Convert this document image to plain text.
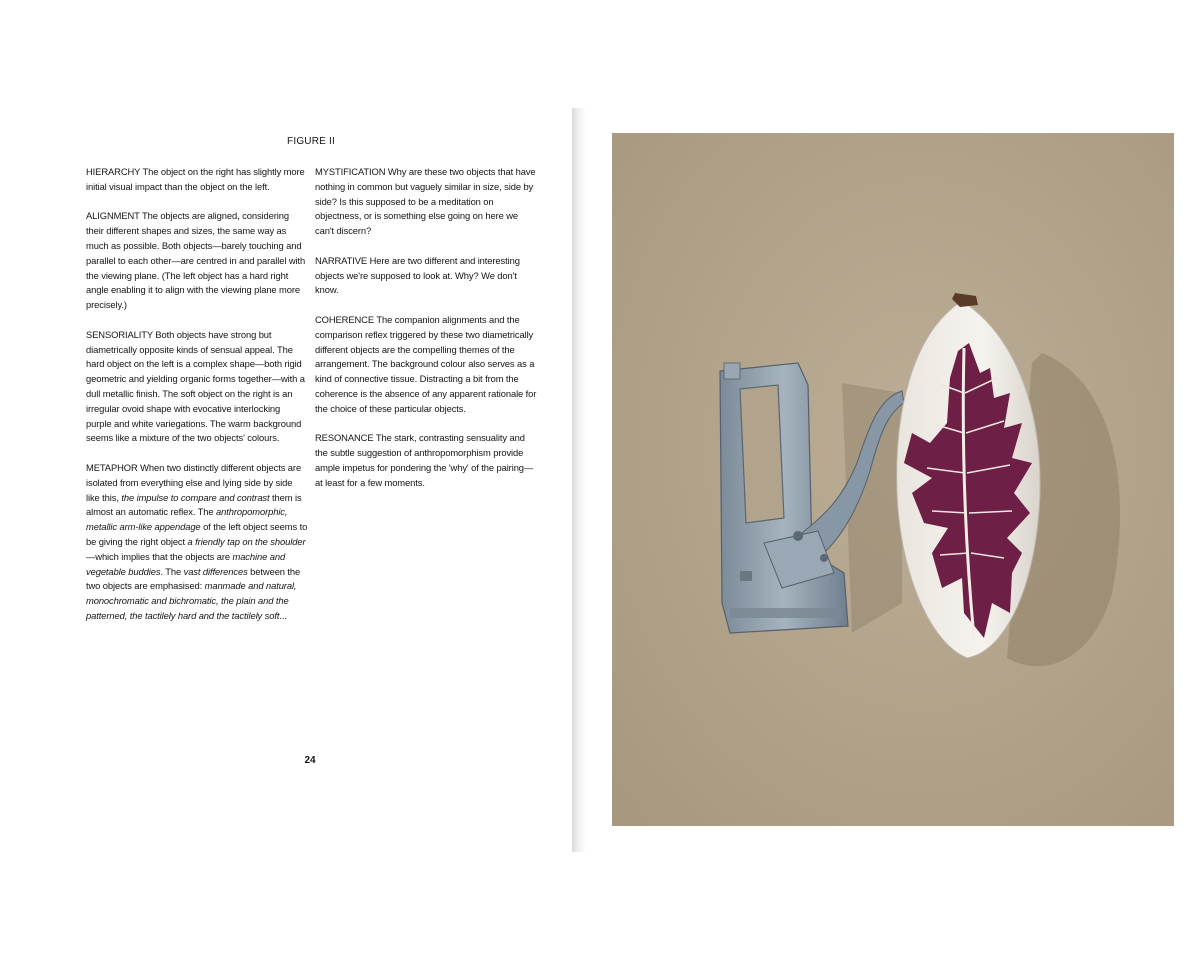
FIGURE II

HIERARCHY The object on the right has slightly more initial visual impact than the object on the left.

ALIGNMENT The objects are aligned, considering their different shapes and sizes, the same way as much as possible. Both objects—barely touching and parallel to each other—are centred in and parallel with the viewing plane. (The left object has a hard right angle enabling it to align with the viewing plane more precisely.)

SENSORIALITY Both objects have strong but diametrically opposite kinds of sensual appeal. The hard object on the left is a complex shape—both rigid geometric and yielding organic forms together—with a dull metallic finish. The soft object on the right is an irregular ovoid shape with evocative interlocking purple and white variegations. The warm background seems like a mixture of the two objects' colours.

METAPHOR When two distinctly different objects are isolated from everything else and lying side by side like this, the impulse to compare and contrast them is almost an automatic reflex. The anthropomorphic, metallic arm-like appendage of the left object seems to be giving the right object a friendly tap on the shoulder—which implies that the objects are machine and vegetable buddies. The vast differences between the two objects are emphasised: manmade and natural, monochromatic and bichromatic, the plain and the patterned, the tactilely hard and the tactilely soft...

MYSTIFICATION Why are these two objects that have nothing in common but vaguely similar in size, side by side? Is this supposed to be a meditation on objectness, or is something else going on here we can't discern?

NARRATIVE Here are two different and interesting objects we're supposed to look at. Why? We don't know.

COHERENCE The companion alignments and the comparison reflex triggered by these two diametrically different objects are the compelling themes of the arrangement. The background colour also serves as a kind of connective tissue. Distracting a bit from the coherence is the absence of any apparent rationale for the choice of these particular objects.

RESONANCE The stark, contrasting sensuality and the subtle suggestion of anthropomorphism provide ample impetus for pondering the 'why' of the pairing—at least for a few moments.

24
